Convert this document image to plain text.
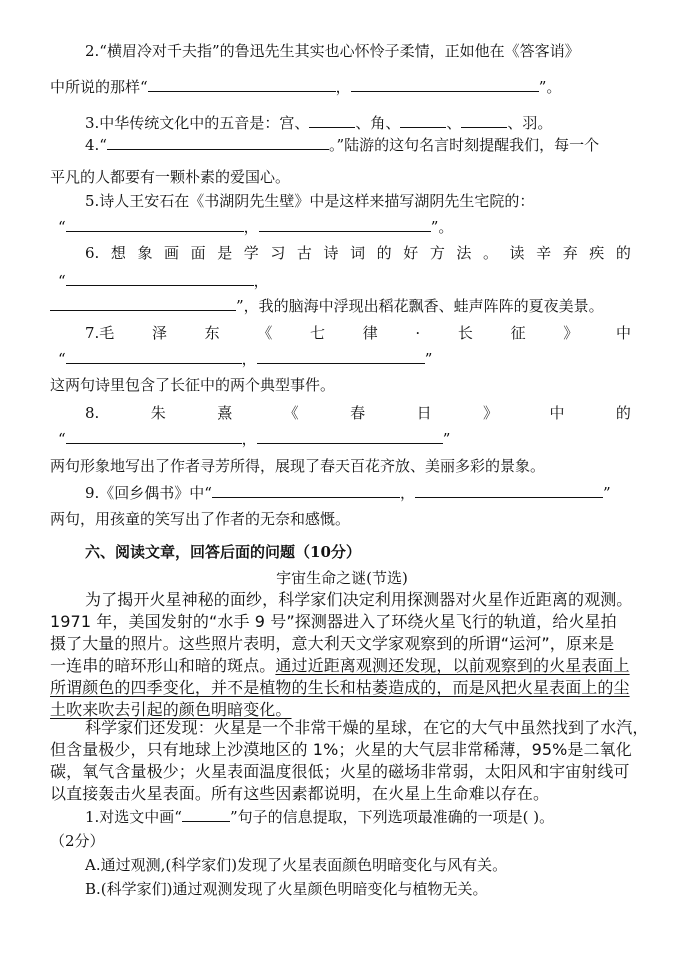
2.“横眉冷对千夫指”的鲁迅先生其实也心怀怜子柔情，正如他在《答客诮》
中所说的那样“	，	”。
3.中华传统文化中的五音是：宫、	、角、	、	、羽。
4.“	。”陆游的这句名言时刻提醒我们，每一个
平凡的人都要有一颗朴素的爱国心。
5.诗人王安石在《书湖阴先生壁》中是这样来描写湖阴先生宅院的：
“	，	”。
6. 想 象 画 面 是 学 习 古 诗 词 的 好 方 法 。 读 辛 弃 疾 的
“	，
”，我的脑海中浮现出稻花飘香、蛙声阵阵的夏夜美景。
7.毛	泽	东	《	七	律	·	长	征	》	中
“	，	”
这两句诗里包含了长征中的两个典型事件。
8.	朱	熹	《	春	日	》	中	的
“	，	”
两句形象地写出了作者寻芳所得，展现了春天百花齐放、美丽多彩的景象。
9.《回乡偶书》中“	，	”
两句，用孩童的笑写出了作者的无奈和感慨。
六、阅读文章，回答后面的问题（10分）
宇宙生命之谜(节选)
为了揭开火星神秘的面纱，科学家们决定利用探测器对火星作近距离的观测。
1971 年，美国发射的“水手 9 号”探测器进入了环绕火星飞行的轨道，给火星拍
摄了大量的照片。这些照片表明，意大利天文学家观察到的所谓“运河”，原来是
一连串的暗环形山和暗的斑点。通过近距离观测还发现，以前观察到的火星表面上
所谓颜色的四季变化，并不是植物的生长和枯萎造成的，而是风把火星表面上的尘
土吹来吹去引起的颜色明暗变化。
科学家们还发现：火星是一个非常干燥的星球，在它的大气中虽然找到了水汽，
但含量极少，只有地球上沙漠地区的 1%；火星的大气层非常稀薄，95%是二氧化
碳，氧气含量极少；火星表面温度很低；火星的磁场非常弱，太阳风和宇宙射线可
以直接轰击火星表面。所有这些因素都说明，在火星上生命难以存在。
1.对选文中画“	”句子的信息提取，下列选项最准确的一项是( )。
（2分）
A.通过观测,(科学家们)发现了火星表面颜色明暗变化与风有关。
B.(科学家们)通过观测发现了火星颜色明暗变化与植物无关。
